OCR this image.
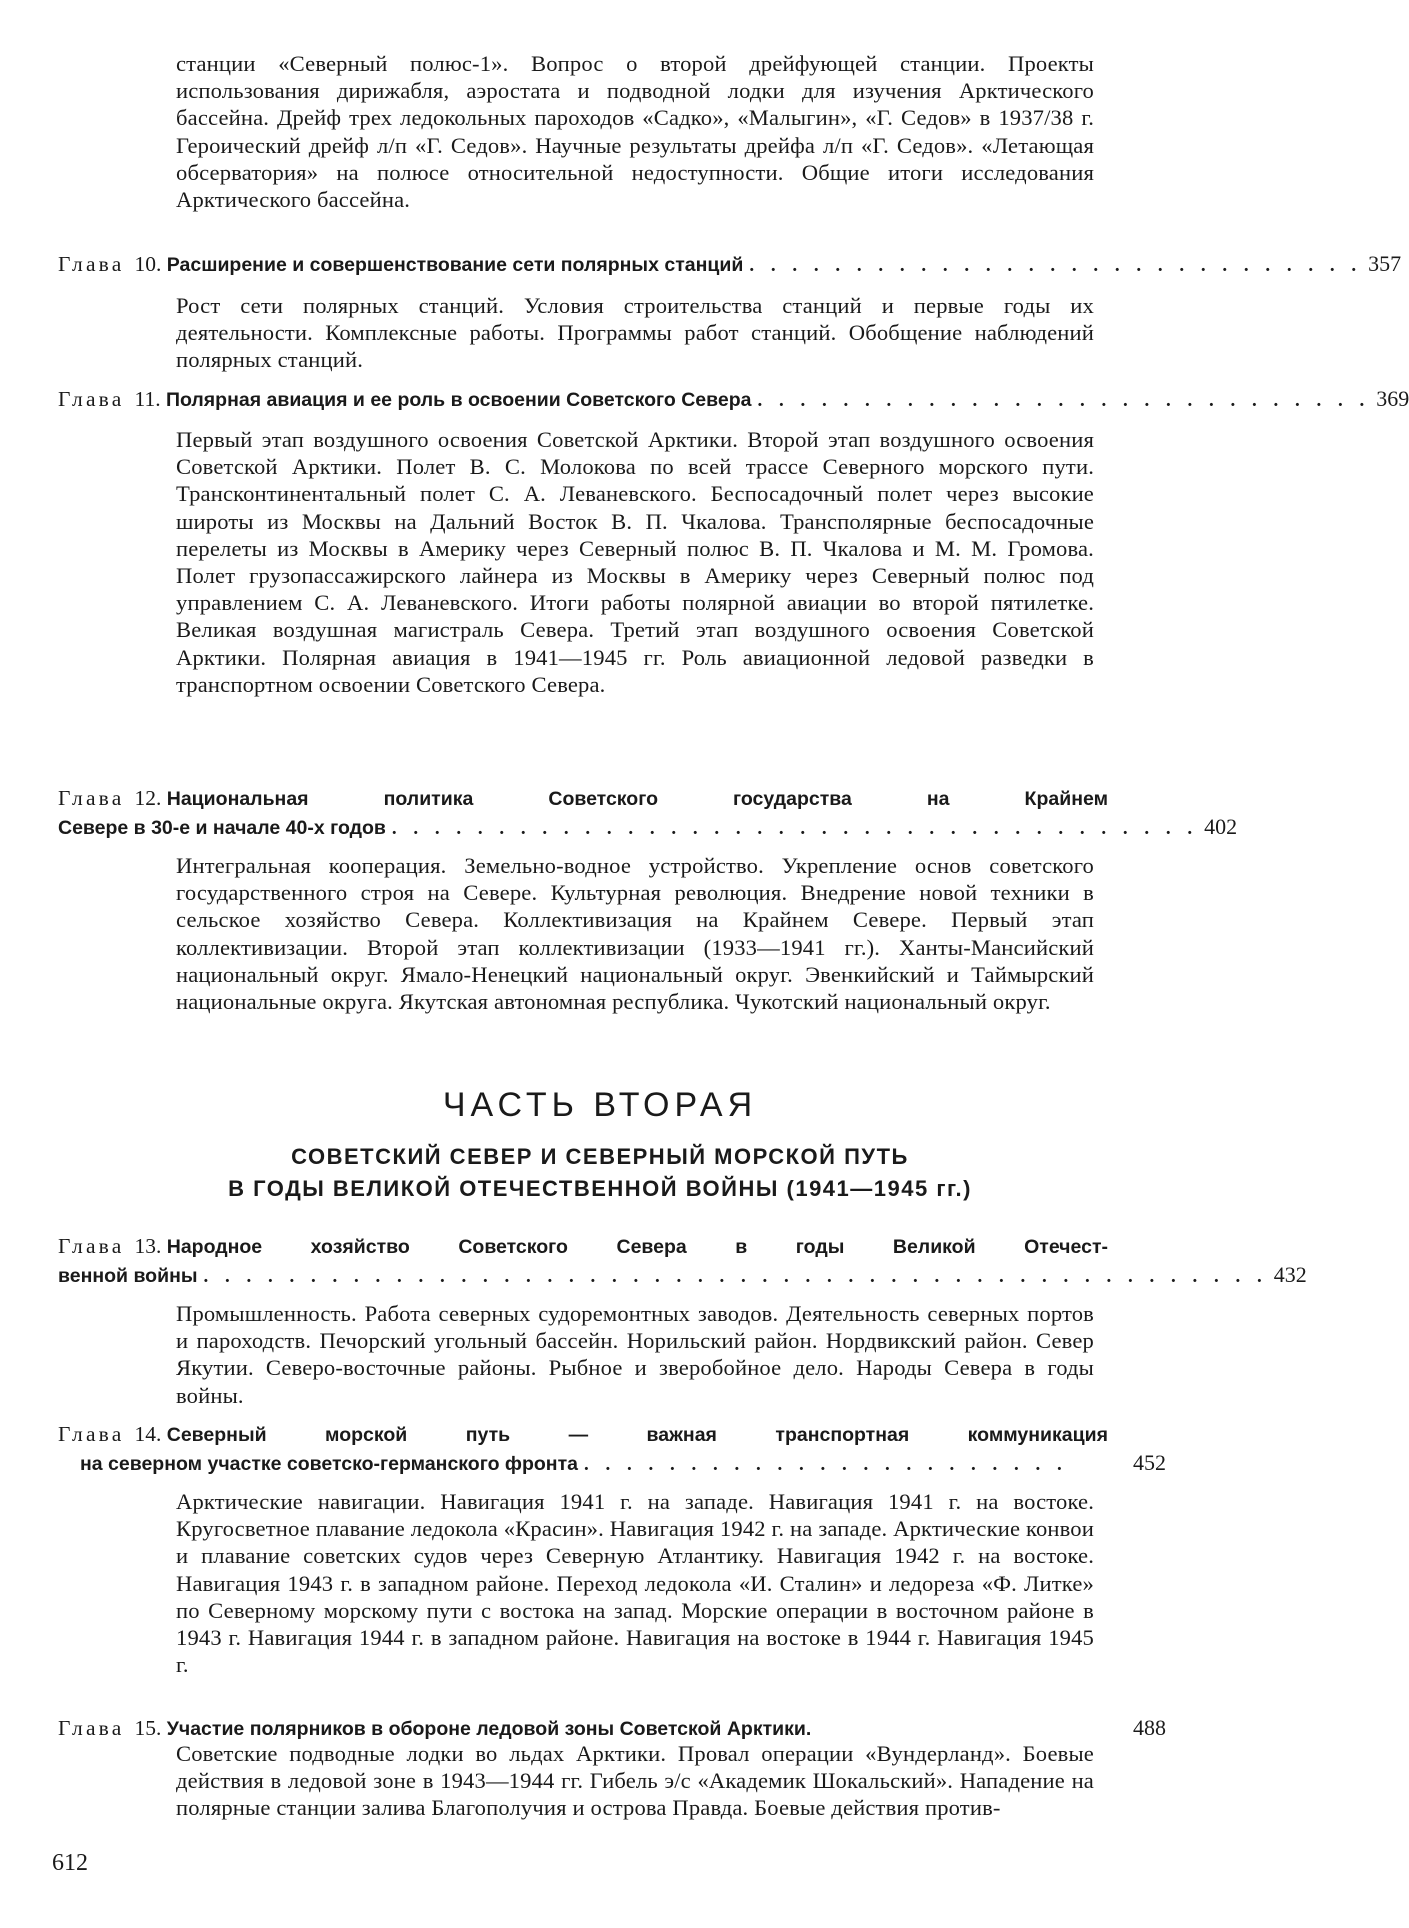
станции «Северный полюс-1». Вопрос о второй дрейфующей станции. Проекты использования дирижабля, аэростата и подводной лодки для изучения Арктического бассейна. Дрейф трех ледокольных пароходов «Садко», «Малыгин», «Г. Седов» в 1937/38 г. Героический дрейф л/п «Г. Седов». Научные результаты дрейфа л/п «Г. Седов». «Летающая обсерватория» на полюсе относительной недоступности. Общие итоги исследования Арктического бассейна.
Глава 10.
Расширение и совершенствование сети полярных станций . . . . . . . . . . . . . . . . . . . . . . . . . . . . . 357
Рост сети полярных станций. Условия строительства станций и первые годы их деятельности. Комплексные работы. Программы работ станций. Обобщение наблюдений полярных станций.
Глава 11.
Полярная авиация и ее роль в освоении Советского Севера . . . . . . . . . . . . . . . . . . . . . . . . . . . . . 369
Первый этап воздушного освоения Советской Арктики. Второй этап воздушного освоения Советской Арктики. Полет В. С. Молокова по всей трассе Северного морского пути. Трансконтинентальный полет С. А. Леваневского. Беспосадочный полет через высокие широты из Москвы на Дальний Восток В. П. Чкалова. Трансполярные беспосадочные перелеты из Москвы в Америку через Северный полюс В. П. Чкалова и М. М. Громова. Полет грузопассажирского лайнера из Москвы в Америку через Северный полюс под управлением С. А. Леваневского. Итоги работы полярной авиации во второй пятилетке. Великая воздушная магистраль Севера. Третий этап воздушного освоения Советской Арктики. Полярная авиация в 1941—1945 гг. Роль авиационной ледовой разведки в транспортном освоении Советского Севера.
Глава 12.
Национальная политика Советского государства на Крайнем
Севере в 30-е и начале 40-х годов . . . . . . . . . . . . . . . . . . . . . . . . . . . . . . . . . . . . . . 402
Интегральная кооперация. Земельно-водное устройство. Укрепление основ советского государственного строя на Севере. Культурная революция. Внедрение новой техники в сельское хозяйство Севера. Коллективизация на Крайнем Севере. Первый этап коллективизации. Второй этап коллективизации (1933—1941 гг.). Ханты-Мансийский национальный округ. Ямало-Ненецкий национальный округ. Эвенкийский и Таймырский национальные округа. Якутская автономная республика. Чукотский национальный округ.
ЧАСТЬ ВТОРАЯ
СОВЕТСКИЙ СЕВЕР И СЕВЕРНЫЙ МОРСКОЙ ПУТЬ
В ГОДЫ ВЕЛИКОЙ ОТЕЧЕСТВЕННОЙ ВОЙНЫ (1941—1945 гг.)
Глава 13.
Народное хозяйство Советского Севера в годы Великой Отечест-
венной войны . . . . . . . . . . . . . . . . . . . . . . . . . . . . . . . . . . . . . . . . . . . . . . . . . . 432
Промышленность. Работа северных судоремонтных заводов. Деятельность северных портов и пароходств. Печорский угольный бассейн. Норильский район. Нордвикский район. Север Якутии. Северо-восточные районы. Рыбное и зверобойное дело. Народы Севера в годы войны.
Глава 14.
Северный морской путь — важная транспортная коммуникация
на северном участке советско-германского фронта . . . . . . . . . . . . . . . . . . . . . . .	452
Арктические навигации. Навигация 1941 г. на западе. Навигация 1941 г. на востоке. Кругосветное плавание ледокола «Красин». Навигация 1942 г. на западе. Арктические конвои и плавание советских судов через Северную Атлантику. Навигация 1942 г. на востоке. Навигация 1943 г. в западном районе. Переход ледокола «И. Сталин» и ледореза «Ф. Литке» по Северному морскому пути с востока на запад. Морские операции в восточном районе в 1943 г. Навигация 1944 г. в западном районе. Навигация на востоке в 1944 г. Навигация 1945 г.
Глава 15.
Участие полярников в обороне ледовой зоны Советской Арктики.	488
Советские подводные лодки во льдах Арктики. Провал операции «Вундерланд». Боевые действия в ледовой зоне в 1943—1944 гг. Гибель э/с «Академик Шокальский». Нападение на полярные станции залива Благополучия и острова Правда. Боевые действия против-
612
